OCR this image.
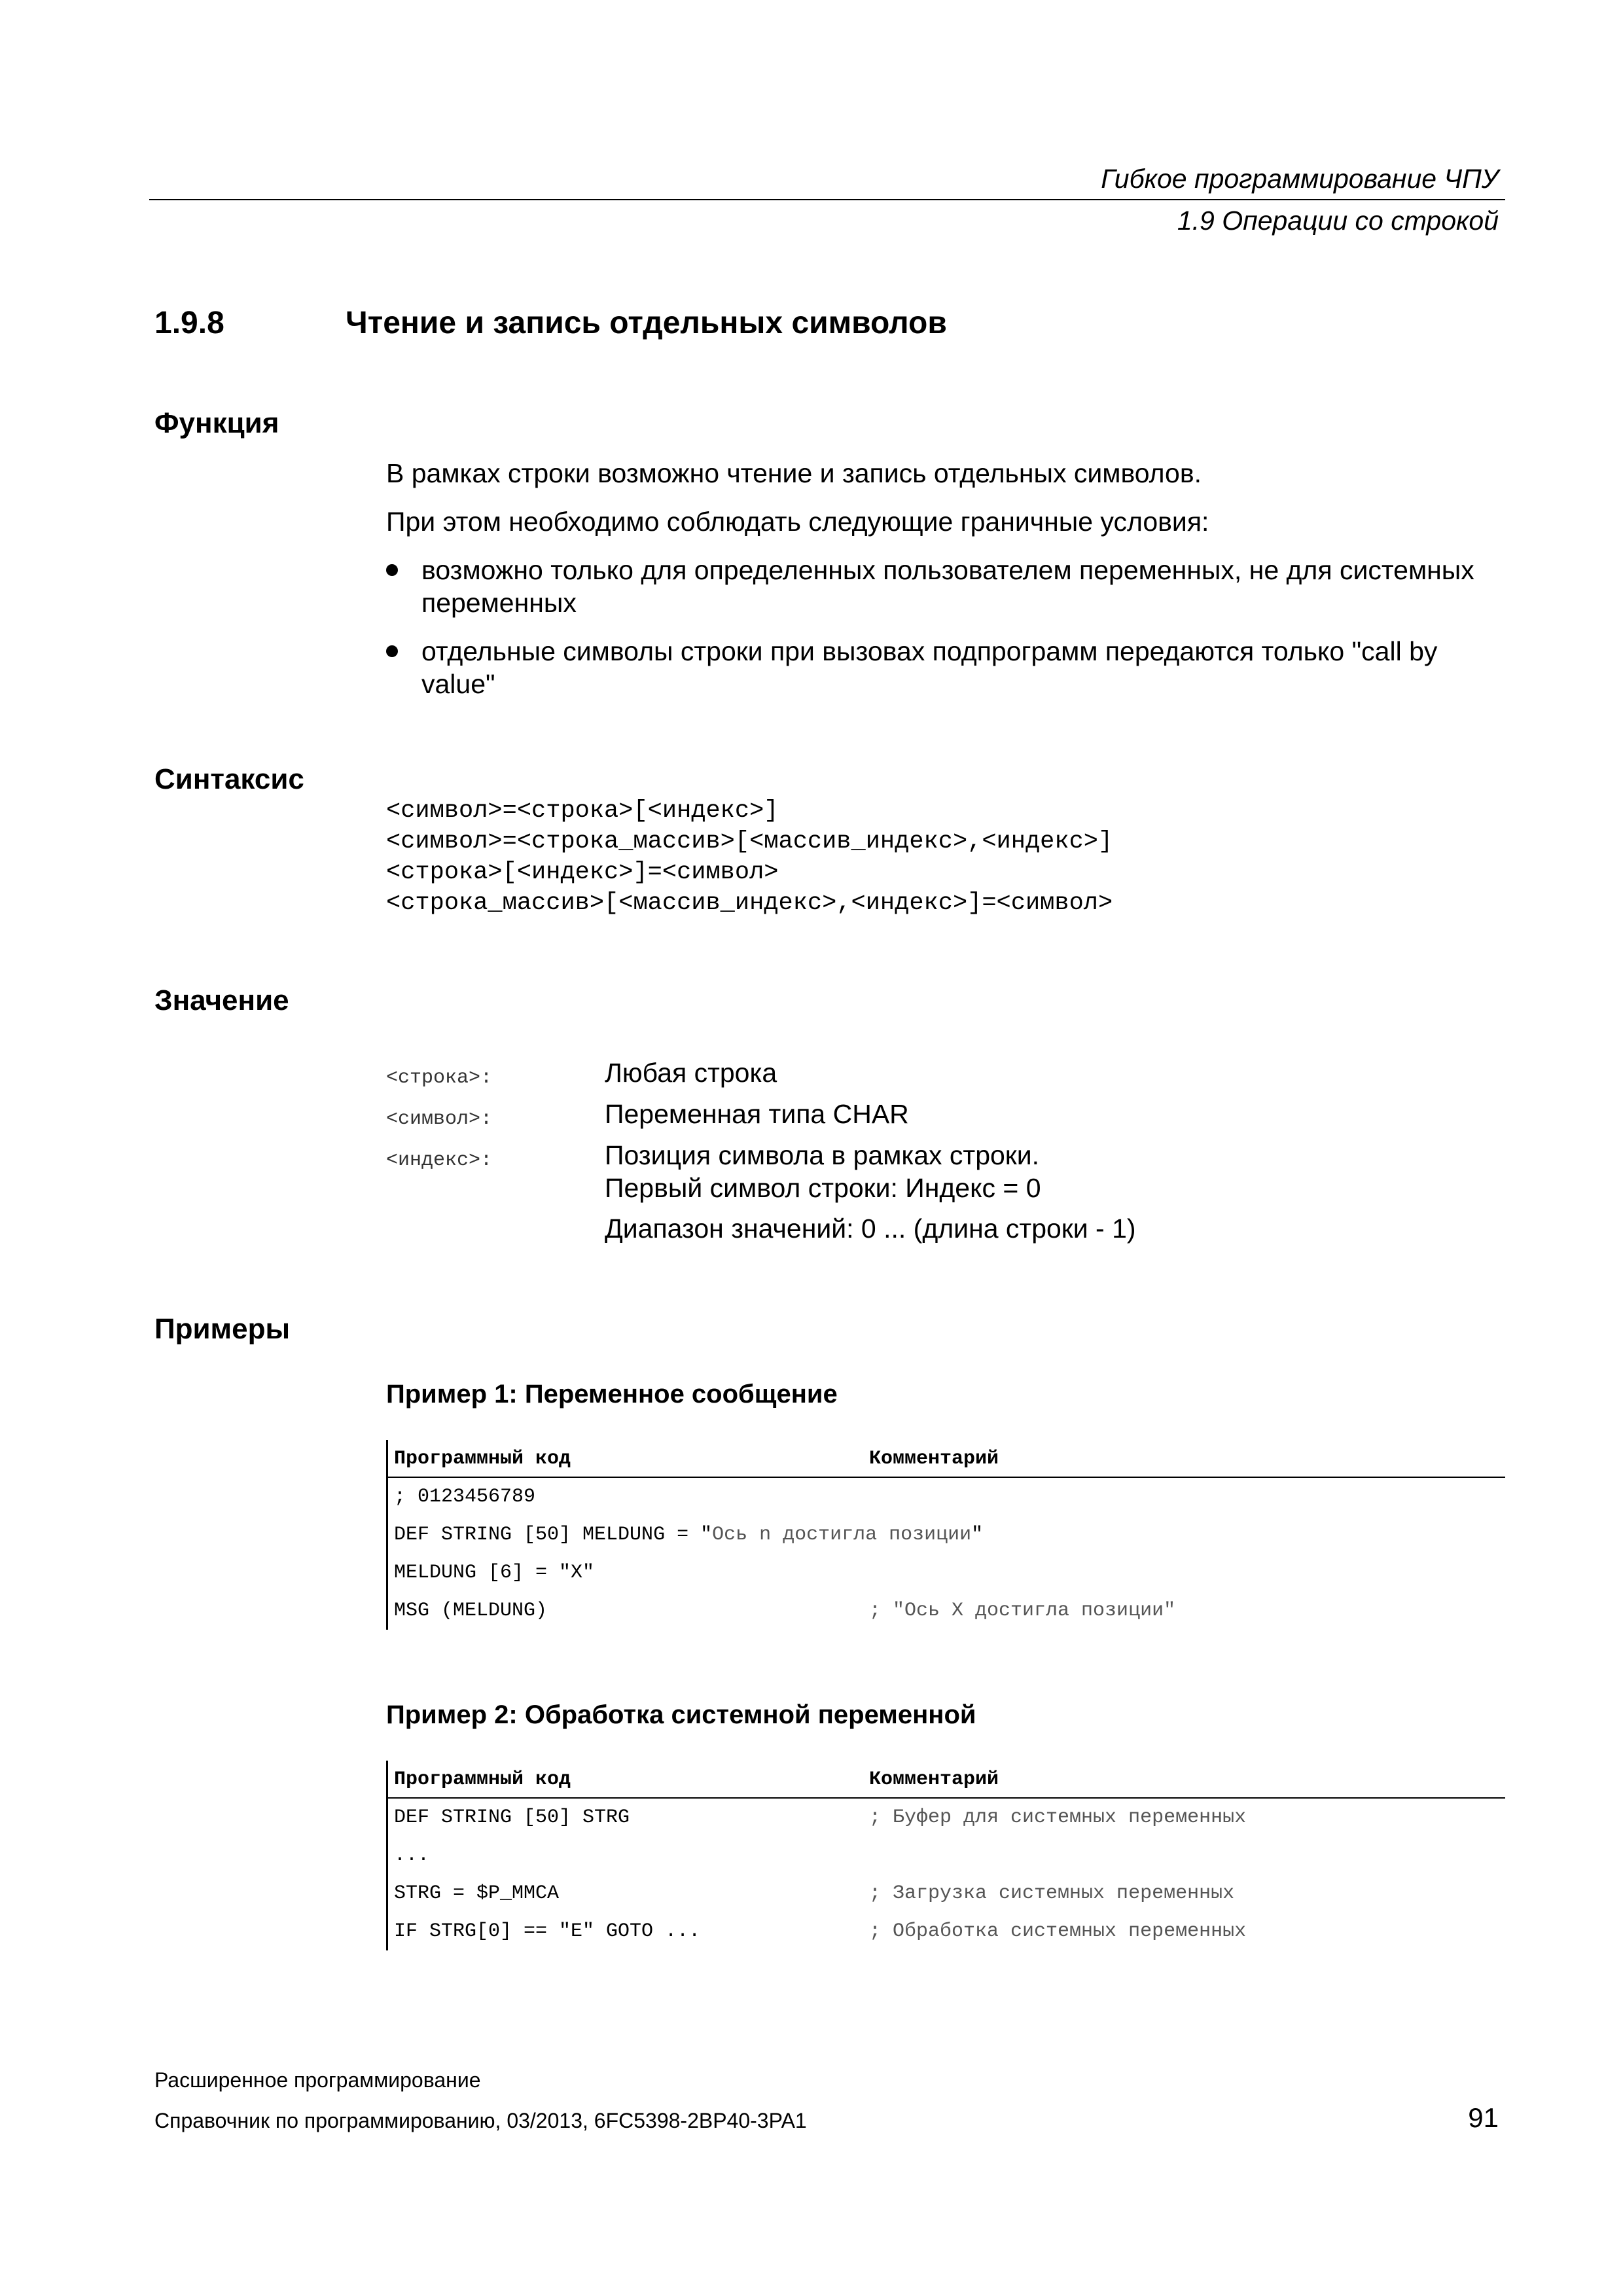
Гибкое программирование ЧПУ
1.9 Операции со строкой
1.9.8	Чтение и запись отдельных символов
Функция
В рамках строки возможно чтение и запись отдельных символов.
При этом необходимо соблюдать следующие граничные условия:
возможно только для определенных пользователем переменных, не для системных переменных
отдельные символы строки при вызовах подпрограмм передаются только "call by value"
Синтаксис
<символ>=<строка>[<индекс>]
<символ>=<строка_массив>[<массив_индекс>,<индекс>]
<строка>[<индекс>]=<символ>
<строка_массив>[<массив_индекс>,<индекс>]=<символ>
Значение
<строка>:	Любая строка
<символ>:	Переменная типа CHAR
<индекс>:	Позиция символа в рамках строки.
Первый символ строки: Индекс = 0
Диапазон значений: 0 ... (длина строки - 1)
Примеры
Пример 1: Переменное сообщение
Программный код	Комментарий
; 0123456789
DEF STRING [50] MELDUNG = "Ось n достигла позиции"
MELDUNG [6] = "X"
MSG (MELDUNG)	; "Ось X достигла позиции"
Пример 2: Обработка системной переменной
Программный код	Комментарий
DEF STRING [50] STRG	; Буфер для системных переменных
...
STRG = $P_MMCA	; Загрузка системных переменных
IF STRG[0] == "E" GOTO ...	; Обработка системных переменных
Расширенное программирование
Справочник по программированию, 03/2013, 6FC5398-2BP40-3PA1	91
